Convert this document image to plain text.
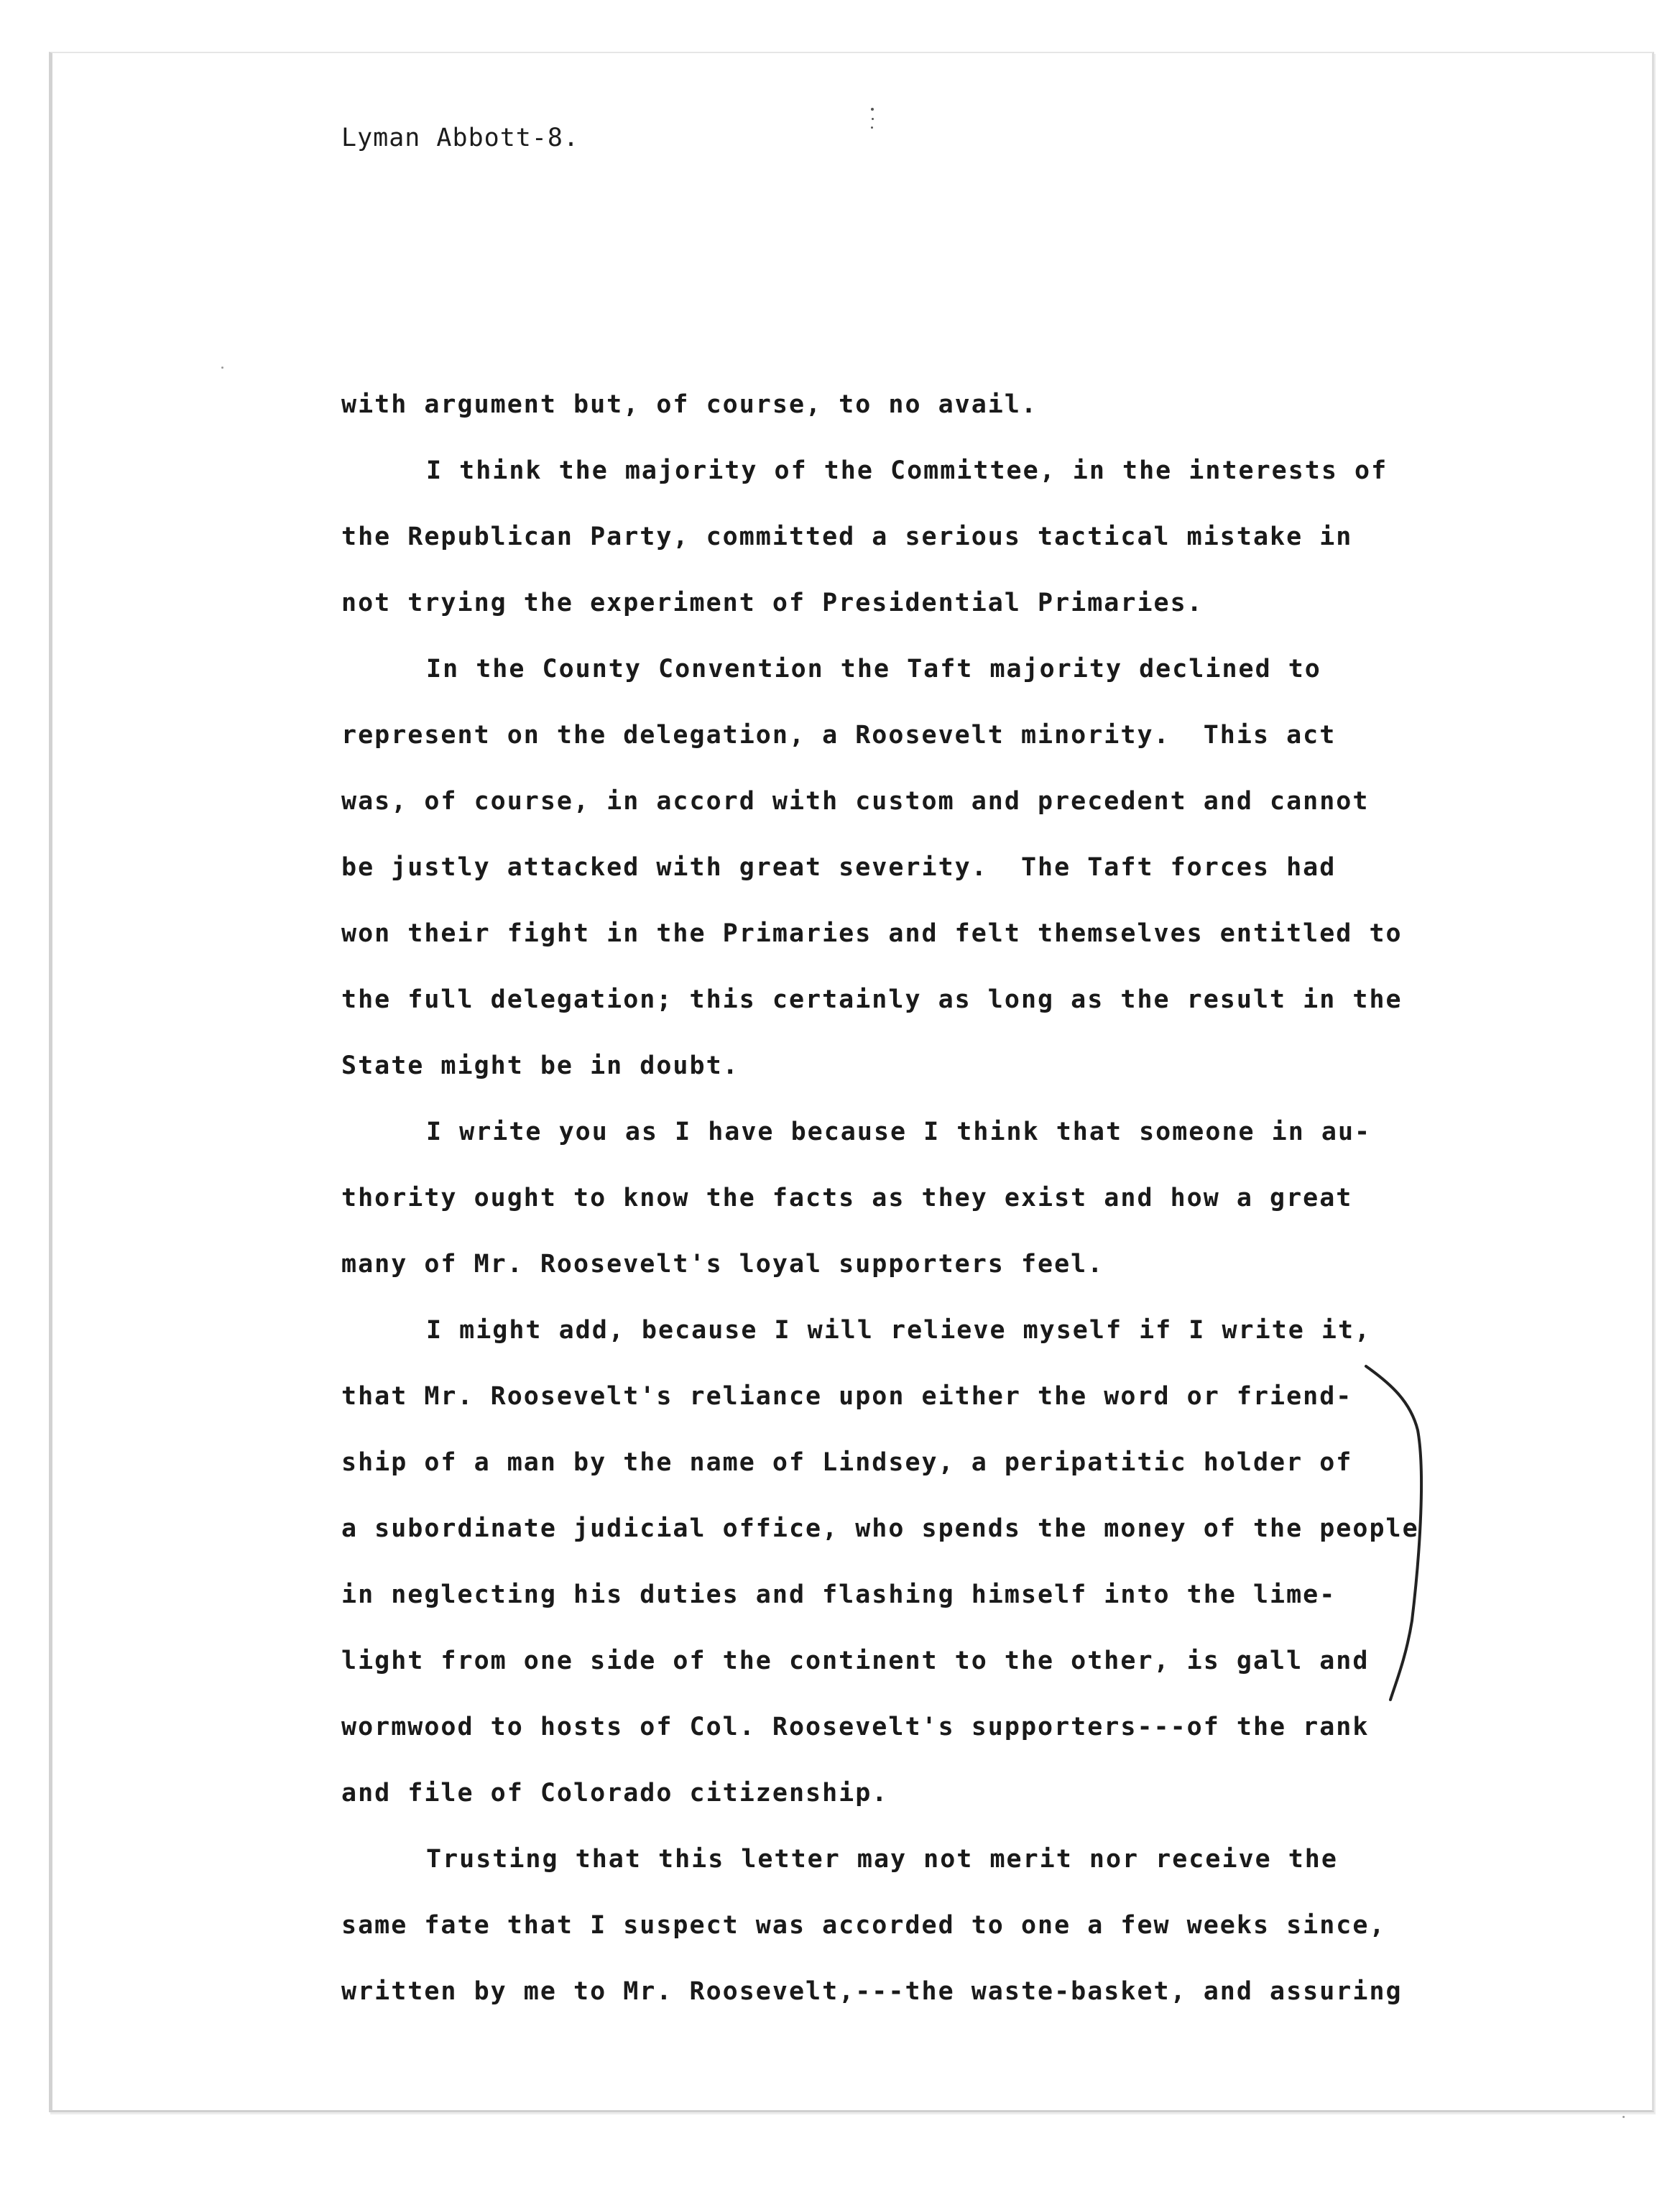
Lyman Abbott-8.
with argument but, of course, to no avail.
I think the majority of the Committee, in the interests of
the Republican Party, committed a serious tactical mistake in
not trying the experiment of Presidential Primaries.
In the County Convention the Taft majority declined to
represent on the delegation, a Roosevelt minority.  This act
was, of course, in accord with custom and precedent and cannot
be justly attacked with great severity.  The Taft forces had
won their fight in the Primaries and felt themselves entitled to
the full delegation; this certainly as long as the result in the
State might be in doubt.
I write you as I have because I think that someone in au-
thority ought to know the facts as they exist and how a great
many of Mr. Roosevelt's loyal supporters feel.
I might add, because I will relieve myself if I write it,
that Mr. Roosevelt's reliance upon either the word or friend-
ship of a man by the name of Lindsey, a peripatitic holder of
a subordinate judicial office, who spends the money of the people
in neglecting his duties and flashing himself into the lime-
light from one side of the continent to the other, is gall and
wormwood to hosts of Col. Roosevelt's supporters---of the rank
and file of Colorado citizenship.
Trusting that this letter may not merit nor receive the
same fate that I suspect was accorded to one a few weeks since,
written by me to Mr. Roosevelt,---the waste-basket, and assuring
